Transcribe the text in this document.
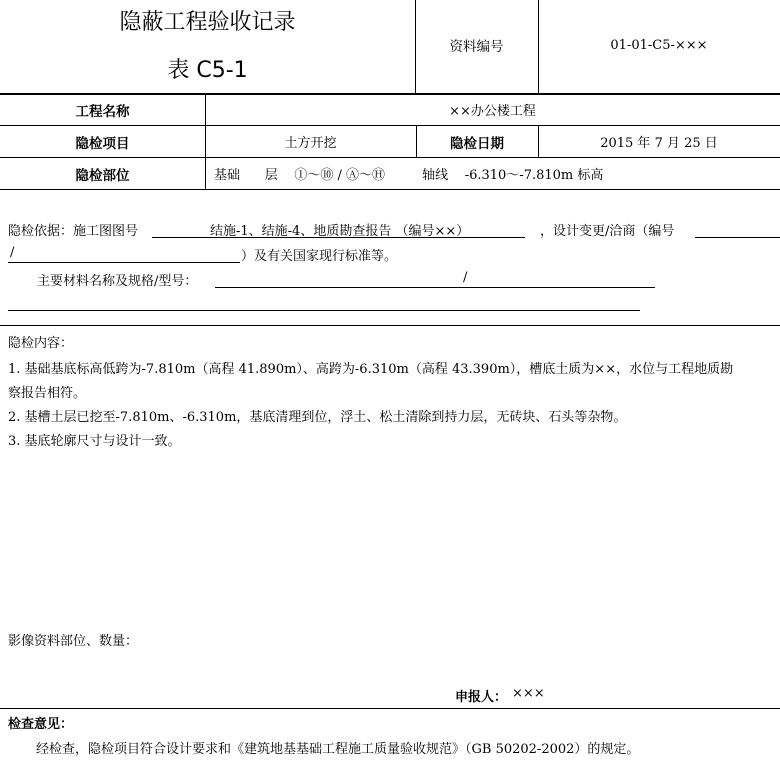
隐蔽工程验收记录
表 C5-1
资料编号	01-01-C5-×××
工程名称	××办公楼工程
隐检项目	土方开挖	隐检日期	2015 年 7 月 25 日
隐检部位	基础      层    ①～⑩ / Ⓐ～Ⓗ         轴线    -6.310～-7.810m 标高
隐检依据：施工图图号	结施-1、结施-4、地质勘查报告 （编号××）	，设计变更/洽商（编号
/	）及有关国家现行标准等。
主要材料名称及规格/型号：	/
隐检内容：
1. 基础基底标高低跨为-7.810m（高程 41.890m）、高跨为-6.310m（高程 43.390m），槽底土质为××，水位与工程地质勘
察报告相符。
2. 基槽土层已挖至-7.810m、-6.310m，基底清理到位，浮土、松土清除到持力层，无砖块、石头等杂物。
3. 基底轮廓尺寸与设计一致。
影像资料部位、数量：
申报人： ×××
检查意见：
经检查，隐检项目符合设计要求和《建筑地基基础工程施工质量验收规范》（GB 50202-2002）的规定。
